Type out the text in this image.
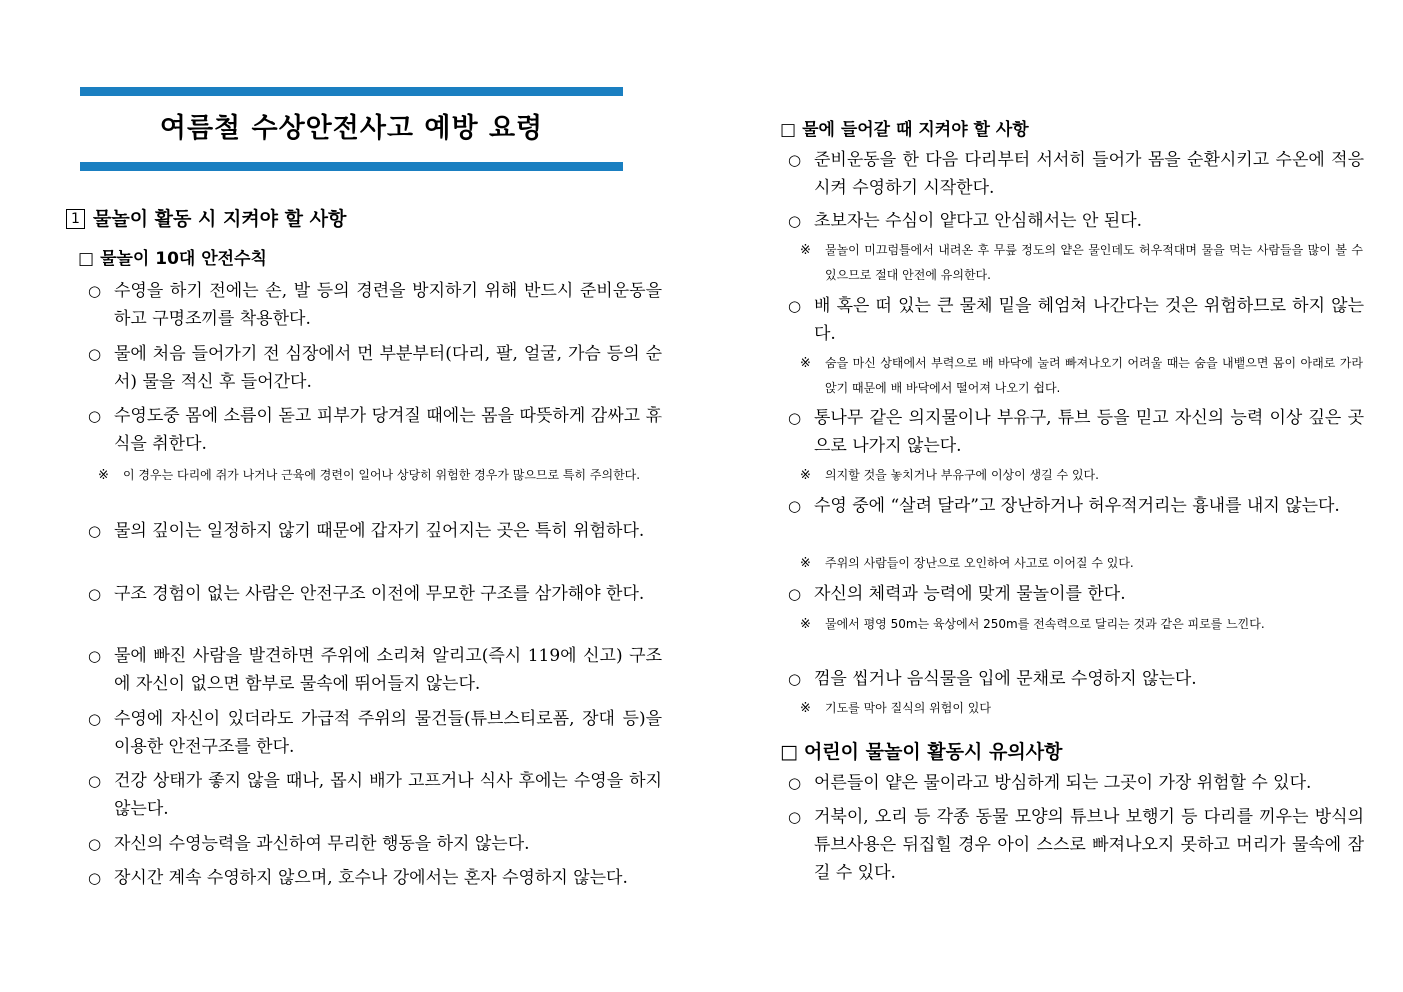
여름철 수상안전사고 예방 요령
1 물놀이 활동 시 지켜야 할 사항
□ 물놀이 10대 안전수칙
○ 수영을 하기 전에는 손, 발 등의 경련을 방지하기 위해 반드시 준비운동을 하고 구명조끼를 착용한다.
○ 물에 처음 들어가기 전 심장에서 먼 부분부터(다리, 팔, 얼굴, 가슴 등의 순서) 물을 적신 후 들어간다.
○ 수영도중 몸에 소름이 돋고 피부가 당겨질 때에는 몸을 따뜻하게 감싸고 휴식을 취한다.
※ 이 경우는 다리에 쥐가 나거나 근육에 경련이 일어나 상당히 위험한 경우가 많으므로 특히 주의한다.
○ 물의 깊이는 일정하지 않기 때문에 갑자기 깊어지는 곳은 특히 위험하다.
○ 구조 경험이 없는 사람은 안전구조 이전에 무모한 구조를 삼가해야 한다.
○ 물에 빠진 사람을 발견하면 주위에 소리쳐 알리고(즉시 119에 신고) 구조에 자신이 없으면 함부로 물속에 뛰어들지 않는다.
○ 수영에 자신이 있더라도 가급적 주위의 물건들(튜브스티로폼, 장대 등)을 이용한 안전구조를 한다.
○ 건강 상태가 좋지 않을 때나, 몹시 배가 고프거나 식사 후에는 수영을 하지 않는다.
○ 자신의 수영능력을 과신하여 무리한 행동을 하지 않는다.
○ 장시간 계속 수영하지 않으며, 호수나 강에서는 혼자 수영하지 않는다.
□ 물에 들어갈 때 지켜야 할 사항
○ 준비운동을 한 다음 다리부터 서서히 들어가 몸을 순환시키고 수온에 적응시켜 수영하기 시작한다.
○ 초보자는 수심이 얕다고 안심해서는 안 된다.
※ 물놀이 미끄럼틀에서 내려온 후 무릎 정도의 얕은 물인데도 허우적대며 물을 먹는 사람들을 많이 볼 수 있으므로 절대 안전에 유의한다.
○ 배 혹은 떠 있는 큰 물체 밑을 헤엄쳐 나간다는 것은 위험하므로 하지 않는다.
※ 숨을 마신 상태에서 부력으로 배 바닥에 눌려 빠져나오기 어려울 때는 숨을 내뱉으면 몸이 아래로 가라앉기 때문에 배 바닥에서 떨어져 나오기 쉽다.
○ 통나무 같은 의지물이나 부유구, 튜브 등을 믿고 자신의 능력 이상 깊은 곳으로 나가지 않는다.
※ 의지할 것을 놓치거나 부유구에 이상이 생길 수 있다.
○ 수영 중에 “살려 달라”고 장난하거나 허우적거리는 흉내를 내지 않는다.
※ 주위의 사람들이 장난으로 오인하여 사고로 이어질 수 있다.
○ 자신의 체력과 능력에 맞게 물놀이를 한다.
※ 물에서 평영 50m는 육상에서 250m를 전속력으로 달리는 것과 같은 피로를 느낀다.
○ 껌을 씹거나 음식물을 입에 문채로 수영하지 않는다.
※ 기도를 막아 질식의 위험이 있다
□ 어린이 물놀이 활동시 유의사항
○ 어른들이 얕은 물이라고 방심하게 되는 그곳이 가장 위험할 수 있다.
○ 거북이, 오리 등 각종 동물 모양의 튜브나 보행기 등 다리를 끼우는 방식의 튜브사용은 뒤집힐 경우 아이 스스로 빠져나오지 못하고 머리가 물속에 잠길 수 있다.
